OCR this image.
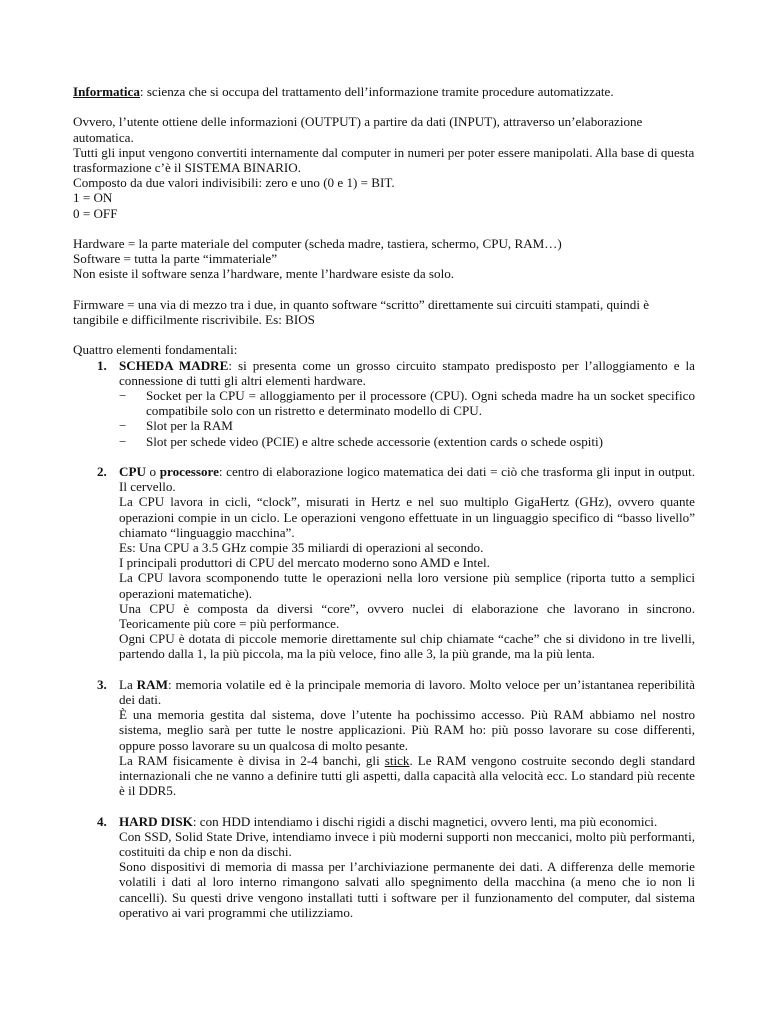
Informatica: scienza che si occupa del trattamento dell’informazione tramite procedure automatizzate.

Ovvero, l’utente ottiene delle informazioni (OUTPUT) a partire da dati (INPUT), attraverso un’elaborazione automatica.

Tutti gli input vengono convertiti internamente dal computer in numeri per poter essere manipolati. Alla base di questa trasformazione c’è il SISTEMA BINARIO.

Composto da due valori indivisibili: zero e uno (0 e 1) = BIT.

1 = ON

0 = OFF

Hardware = la parte materiale del computer (scheda madre, tastiera, schermo, CPU, RAM…)

Software = tutta la parte “immateriale”

Non esiste il software senza l’hardware, mente l’hardware esiste da solo.

Firmware = una via di mezzo tra i due, in quanto software “scritto” direttamente sui circuiti stampati, quindi è tangibile e difficilmente riscrivibile. Es: BIOS

Quattro elementi fondamentali:

1. SCHEDA MADRE: si presenta come un grosso circuito stampato predisposto per l’alloggiamento e la connessione di tutti gli altri elementi hardware.

− Socket per la CPU = alloggiamento per il processore (CPU). Ogni scheda madre ha un socket specifico compatibile solo con un ristretto e determinato modello di CPU.
− Slot per la RAM
− Slot per schede video (PCIE) e altre schede accessorie (extention cards o schede ospiti)
2. CPU o processore: centro di elaborazione logico matematica dei dati = ciò che trasforma gli input in output. Il cervello.

La CPU lavora in cicli, “clock”, misurati in Hertz e nel suo multiplo GigaHertz (GHz), ovvero quante operazioni compie in un ciclo. Le operazioni vengono effettuate in un linguaggio specifico di “basso livello” chiamato “linguaggio macchina”.

Es: Una CPU a 3.5 GHz compie 35 miliardi di operazioni al secondo.

I principali produttori di CPU del mercato moderno sono AMD e Intel.

La CPU lavora scomponendo tutte le operazioni nella loro versione più semplice (riporta tutto a semplici operazioni matematiche).

Una CPU è composta da diversi “core”, ovvero nuclei di elaborazione che lavorano in sincrono. Teoricamente più core = più performance.

Ogni CPU è dotata di piccole memorie direttamente sul chip chiamate “cache” che si dividono in tre livelli, partendo dalla 1, la più piccola, ma la più veloce, fino alle 3, la più grande, ma la più lenta.

3. La RAM: memoria volatile ed è la principale memoria di lavoro. Molto veloce per un’istantanea reperibilità dei dati.

È una memoria gestita dal sistema, dove l’utente ha pochissimo accesso. Più RAM abbiamo nel nostro sistema, meglio sarà per tutte le nostre applicazioni. Più RAM ho: più posso lavorare su cose differenti, oppure posso lavorare su un qualcosa di molto pesante.

La RAM fisicamente è divisa in 2-4 banchi, gli stick. Le RAM vengono costruite secondo degli standard internazionali che ne vanno a definire tutti gli aspetti, dalla capacità alla velocità ecc. Lo standard più recente è il DDR5.

4. HARD DISK: con HDD intendiamo i dischi rigidi a dischi magnetici, ovvero lenti, ma più economici.

Con SSD, Solid State Drive, intendiamo invece i più moderni supporti non meccanici, molto più performanti, costituiti da chip e non da dischi.

Sono dispositivi di memoria di massa per l’archiviazione permanente dei dati. A differenza delle memorie volatili i dati al loro interno rimangono salvati allo spegnimento della macchina (a meno che io non li cancelli). Su questi drive vengono installati tutti i software per il funzionamento del computer, dal sistema operativo ai vari programmi che utilizziamo.
